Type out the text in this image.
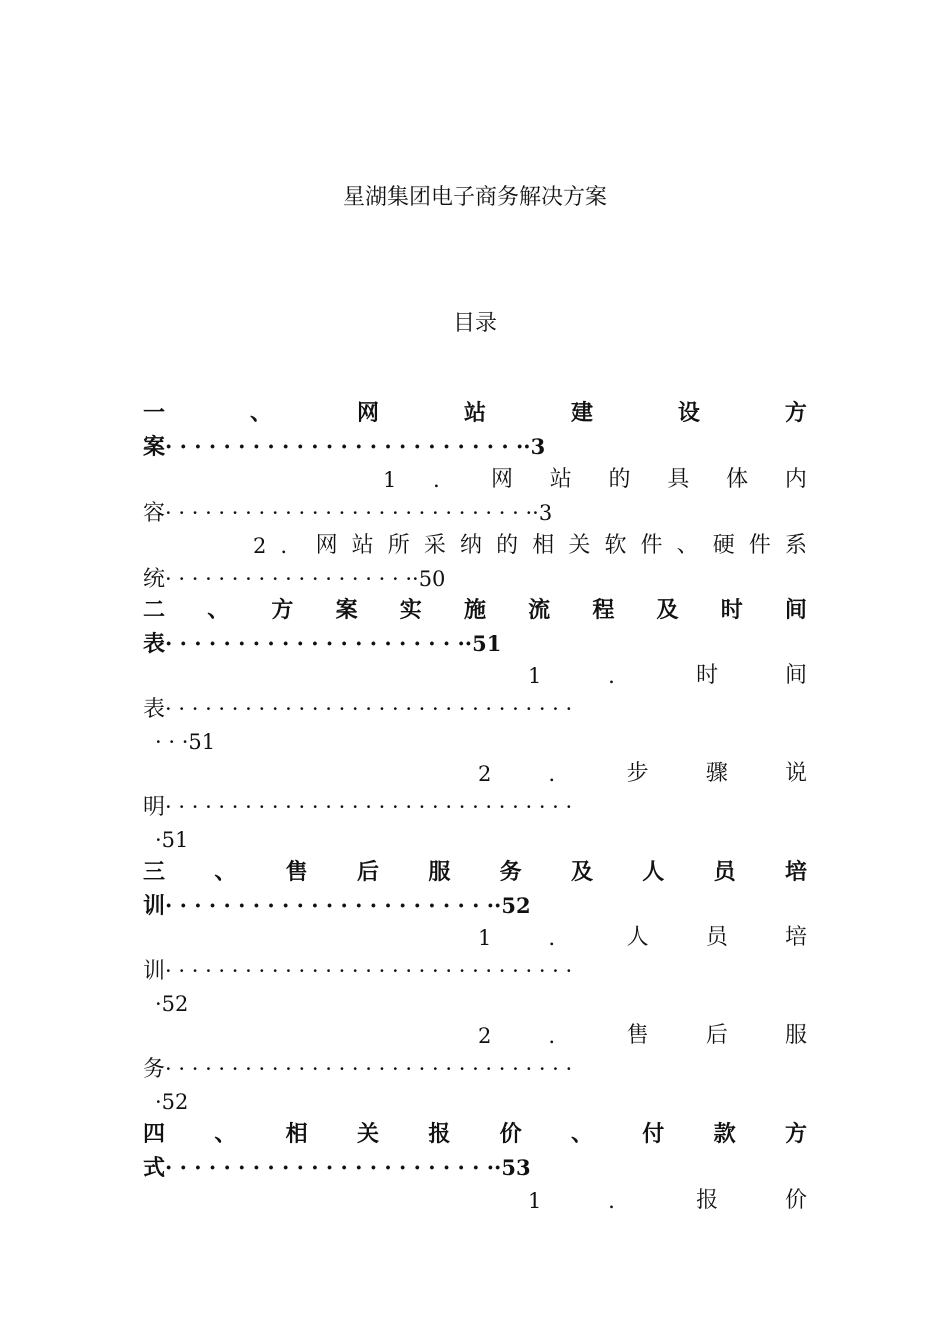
星湖集团电子商务解决方案
目录
一	、	网	站	建	设	方
案· · · · · · · · · · · · · · · · · · · · · · · · ··3
1 ． 网 站 的 具 体 内
容· · · · · · · · · · · · · · · · · · · · · · · · · · · ··3
2 ． 网 站 所 采 纳 的 相 关 软 件 、 硬 件 系
统· · · · · · · · · · · · · · · · · · ··50
二 、 方 案 实 施 流 程 及 时 间
表· · · · · · · · · · · · · · · · · · · · ··51
1	．	时	间
表· · · · · · · · · · · · · · · · · · · · · · · · · · · · · · ·
· · ·51
2	．	步	骤	说
明· · · · · · · · · · · · · · · · · · · · · · · · · · · · · · ·
·51
三 、 售 后 服 务 及 人 员 培
训· · · · · · · · · · · · · · · · · · · · · · ··52
1	．	人	员	培
训· · · · · · · · · · · · · · · · · · · · · · · · · · · · · · ·
·52
2	．	售	后	服
务· · · · · · · · · · · · · · · · · · · · · · · · · · · · · · ·
·52
四 、 相 关 报 价 、 付 款 方
式· · · · · · · · · · · · · · · · · · · · · · ··53
1	．	报	价
